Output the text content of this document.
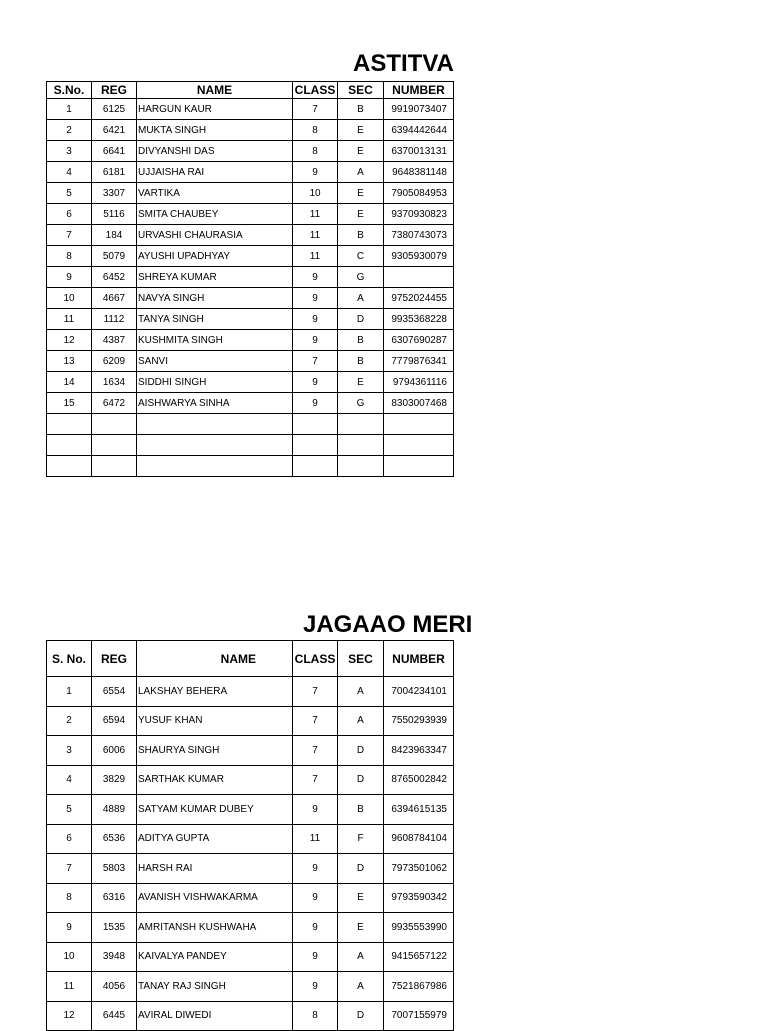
ASTITVA
S.No.	REG	NAME	CLASS	SEC	NUMBER
1	6125	HARGUN KAUR	7	B	9919073407
2	6421	MUKTA SINGH	8	E	6394442644
3	6641	DIVYANSHI DAS	8	E	6370013131
4	6181	UJJAISHA RAI	9	A	9648381148
5	3307	VARTIKA	10	E	7905084953
6	5116	SMITA CHAUBEY	11	E	9370930823
7	184	URVASHI CHAURASIA	11	B	7380743073
8	5079	AYUSHI UPADHYAY	11	C	9305930079
9	6452	SHREYA KUMAR	9	G	
10	4667	NAVYA SINGH	9	A	9752024455
11	1112	TANYA SINGH	9	D	9935368228
12	4387	KUSHMITA SINGH	9	B	6307690287
13	6209	SANVI	7	B	7779876341
14	1634	SIDDHI SINGH	9	E	9794361116
15	6472	AISHWARYA SINHA	9	G	8303007468

JAGAAO MERI
S. No.	REG	NAME	CLASS	SEC	NUMBER
1	6554	LAKSHAY BEHERA	7	A	7004234101
2	6594	YUSUF KHAN	7	A	7550293939
3	6006	SHAURYA SINGH	7	D	8423963347
4	3829	SARTHAK KUMAR	7	D	8765002842
5	4889	SATYAM KUMAR DUBEY	9	B	6394615135
6	6536	ADITYA GUPTA	11	F	9608784104
7	5803	HARSH RAI	9	D	7973501062
8	6316	AVANISH VISHWAKARMA	9	E	9793590342
9	1535	AMRITANSH KUSHWAHA	9	E	9935553990
10	3948	KAIVALYA PANDEY	9	A	9415657122
11	4056	TANAY RAJ SINGH	9	A	7521867986
12	6445	AVIRAL DIWEDI	8	D	7007155979
